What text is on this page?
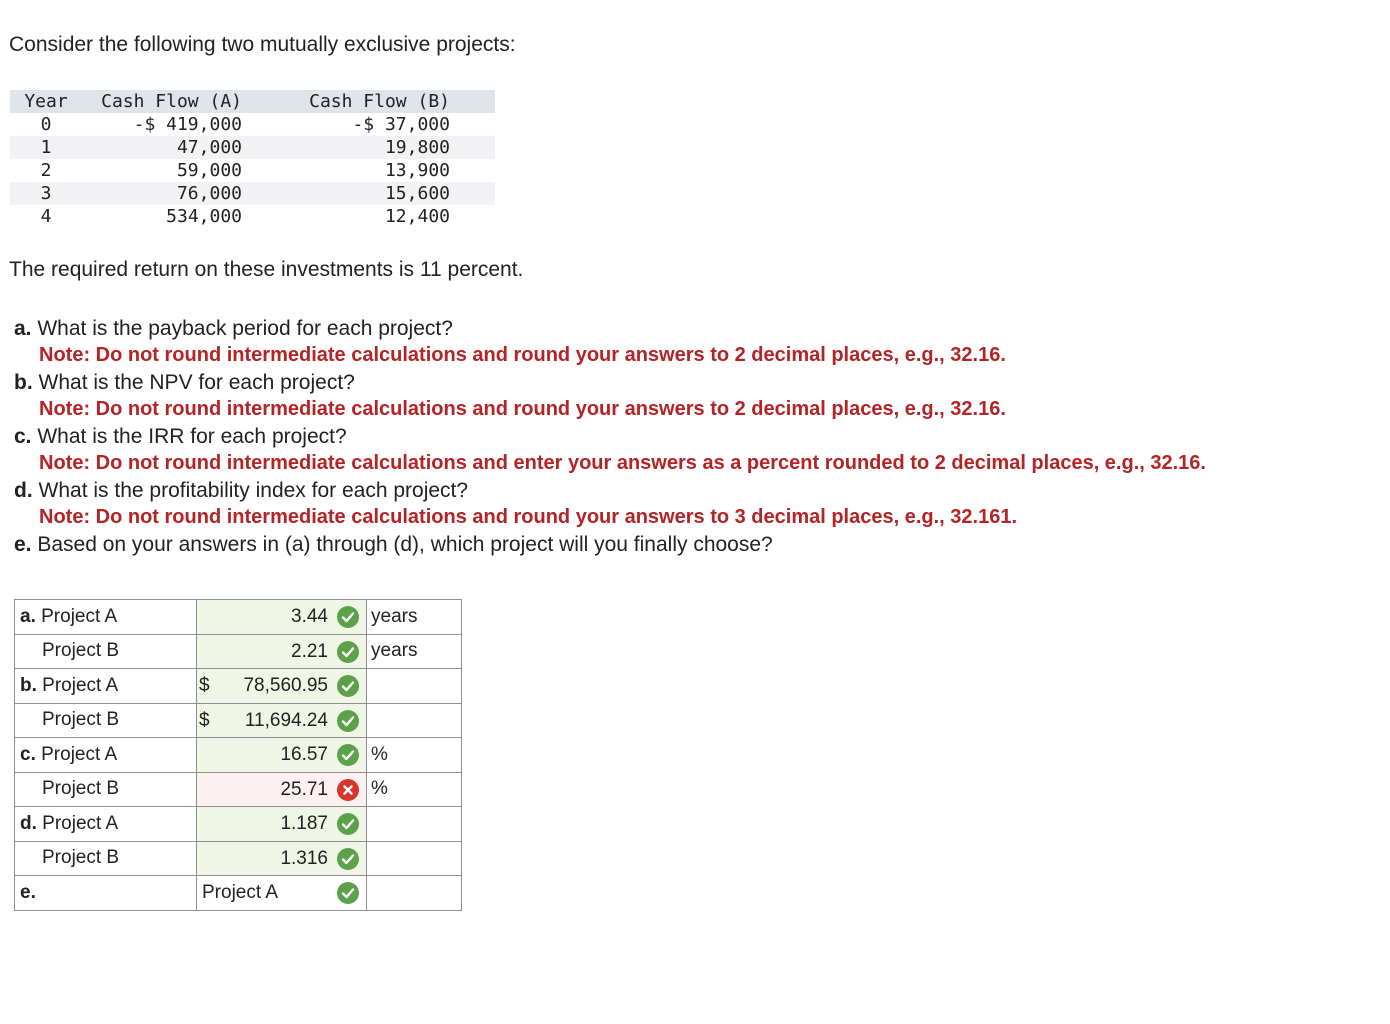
Consider the following two mutually exclusive projects:

Year	Cash Flow (A)		Cash Flow (B)	
0	-$ 419,000		-$ 37,000	
1	47,000		19,800	
2	59,000		13,900	
3	76,000		15,600	
4	534,000		12,400	

The required return on these investments is 11 percent.

a. What is the payback period for each project?
Note: Do not round intermediate calculations and round your answers to 2 decimal places, e.g., 32.16.
b. What is the NPV for each project?
Note: Do not round intermediate calculations and round your answers to 2 decimal places, e.g., 32.16.
c. What is the IRR for each project?
Note: Do not round intermediate calculations and enter your answers as a percent rounded to 2 decimal places, e.g., 32.16.
d. What is the profitability index for each project?
Note: Do not round intermediate calculations and round your answers to 3 decimal places, e.g., 32.161.
e. Based on your answers in (a) through (d), which project will you finally choose?
a. Project A	3.44	years
Project B	2.21	years
b. Project A	$ 78,560.95	

Project B	$ 11,694.24	

c. Project A	16.57	%
Project B	25.71	%
d. Project A	1.187	

Project B	1.316	

e.	Project A	
